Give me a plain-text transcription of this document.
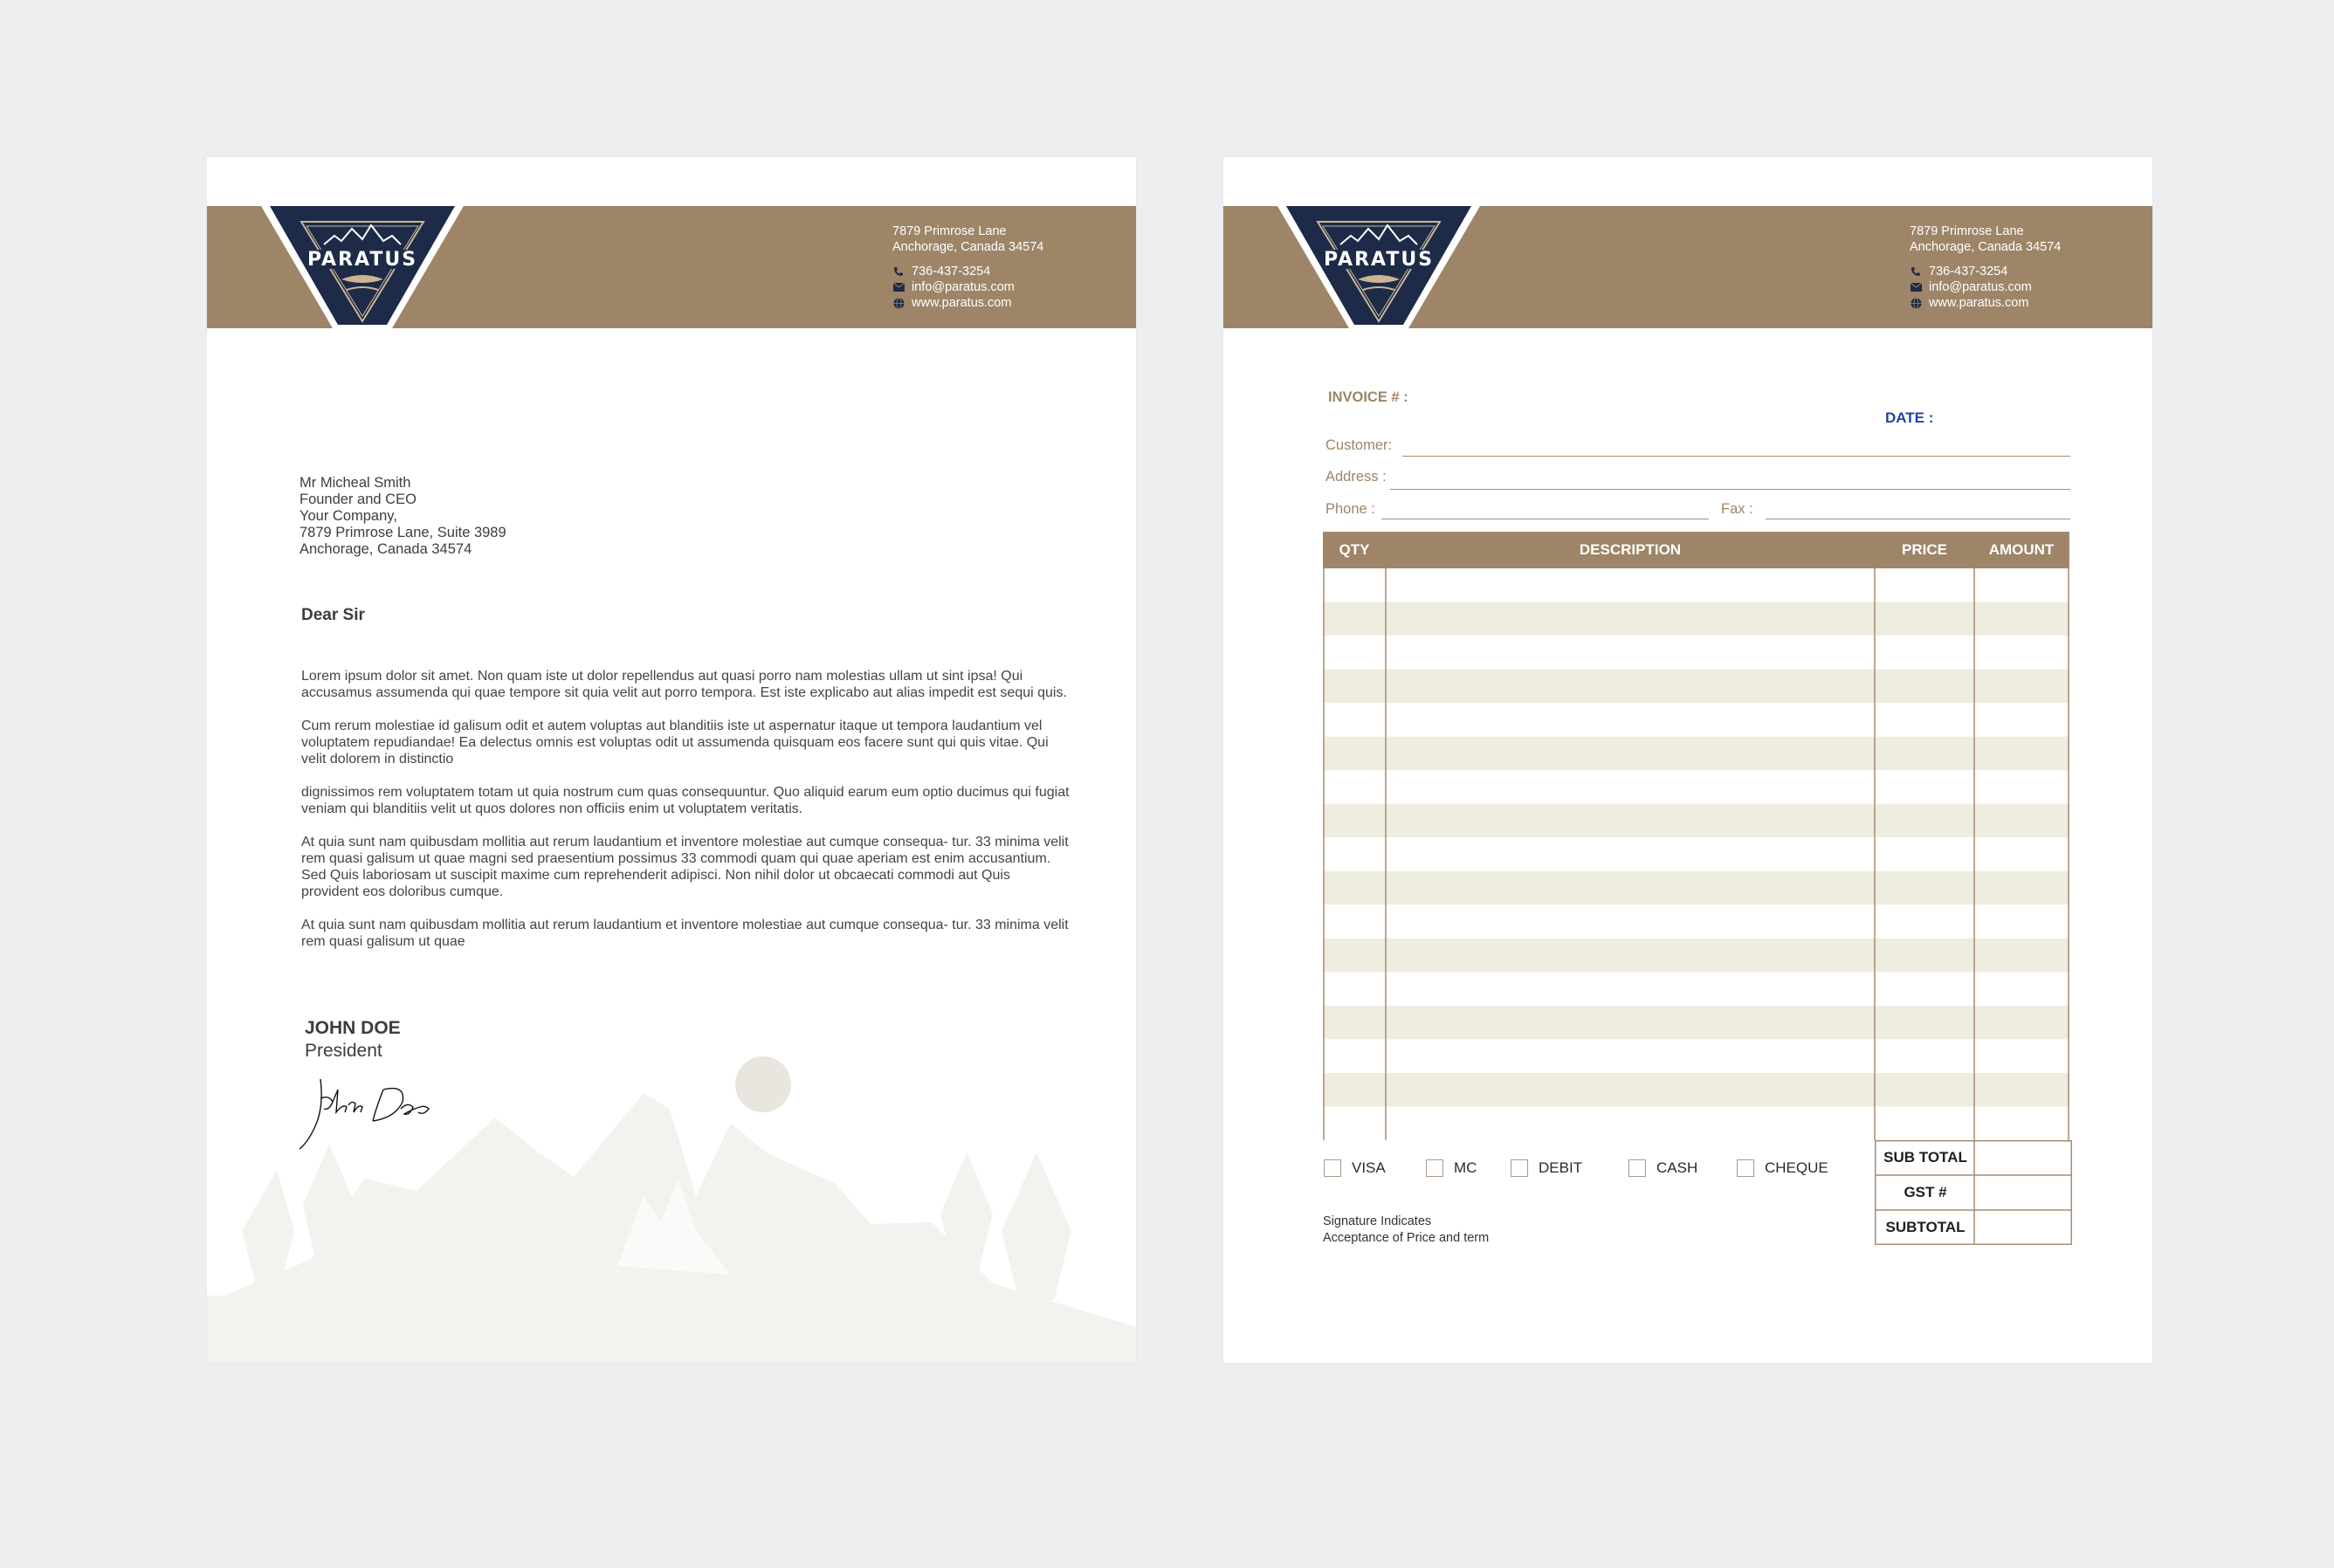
PARATUS
7879 Primrose Lane
Anchorage, Canada 34574
736-437-3254
info@paratus.com
www.paratus.com
Mr Micheal Smith
Founder and CEO
Your Company,
7879 Primrose Lane, Suite 3989
Anchorage, Canada 34574
Dear Sir

Lorem ipsum dolor sit amet. Non quam iste ut dolor repellendus aut quasi porro nam molestias ullam ut sint ipsa! Qui accusamus assumenda qui quae tempore sit quia velit aut porro tempora. Est iste explicabo aut alias impedit est sequi quis.

Cum rerum molestiae id galisum odit et autem voluptas aut blanditiis iste ut aspernatur itaque ut tempora laudantium vel voluptatem repudiandae! Ea delectus omnis est voluptas odit ut assumenda quisquam eos facere sunt qui quis vitae. Qui velit dolorem in distinctio

dignissimos rem voluptatem totam ut quia nostrum cum quas consequuntur. Quo aliquid earum eum optio ducimus qui fugiat veniam qui blanditiis velit ut quos dolores non officiis enim ut voluptatem veritatis.

At quia sunt nam quibusdam mollitia aut rerum laudantium et inventore molestiae aut cumque consequa- tur. 33 minima velit rem quasi galisum ut quae magni sed praesentium possimus 33 commodi quam qui quae aperiam est enim accusantium. Sed Quis laboriosam ut suscipit maxime cum reprehenderit adipisci. Non nihil dolor ut obcaecati commodi aut Quis provident eos doloribus cumque.

At quia sunt nam quibusdam mollitia aut rerum laudantium et inventore molestiae aut cumque consequa- tur. 33 minima velit rem quasi galisum ut quae

JOHN DOE
President
PARATUS
7879 Primrose Lane
Anchorage, Canada 34574
736-437-3254
info@paratus.com
www.paratus.com
INVOICE # :
DATE :
Customer:
Address :
Phone :	Fax :
QTY	DESCRIPTION	PRICE	AMOUNT
VISA	MC	DEBIT	CASH	CHEQUE
SUB TOTAL
GST #
SUBTOTAL
Signature Indicates
Acceptance of Price and term
